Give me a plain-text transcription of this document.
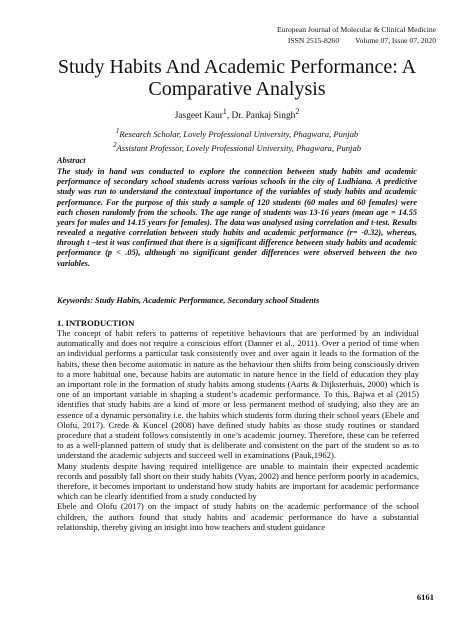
European Journal of Molecular & Clinical Medicine
ISSN 2515-8260 Volume 07, Issue 07, 2020
Study Habits And Academic Performance: A Comparative Analysis
Jasgeet Kaur$^1$, Dr. Pankaj Singh$^2$
$^1$Research Scholar, Lovely Professional University, Phagwara, Punjab
$^2$Assistant Professor, Lovely Professional University, Phagwara, Punjab
Abstract
The study in hand was conducted to explore the connection between study habits and academic performance of secondary school students across various schools in the city of Ludhiana. A predictive study was run to understand the contextual importance of the variables of study habits and academic performance. For the purpose of this study a sample of 120 students (60 males and 60 females) were each chosen randomly from the schools. The age range of students was 13-16 years (mean age = 14.55 years for males and 14.15 years for females). The data was analysed using correlation and t-test. Results revealed a negative correlation between study habits and academic performance (r= -0.32), whereas, through t –test it was confirmed that there is a significant difference between study habits and academic performance (p < .05), although no significant gender differences were observed between the two variables.
Keywords: Study Habits, Academic Performance, Secondary school Students
1. INTRODUCTION

The concept of habit refers to patterns of repetitive behaviours that are performed by an individual automatically and does not require a conscious effort (Danner et al., 2011). Over a period of time when an individual performs a particular task consistently over and over again it leads to the formation of the habits, these then become automatic in nature as the behaviour then shifts from being consciously driven to a more habitual one, because habits are automatic in nature hence in the field of education they play an important role in the formation of study habits among students (Aarts & Dijksterhuis, 2000) which is one of an important variable in shaping a student’s academic performance. To this, Bajwa et al (2015) identifies that study habits are a kind of more or less permanent method of studying, also they are an essence of a dynamic personality i.e. the habits which students form during their school years (Ebele and Olofu, 2017). Crede & Kuncel (2008) have defined study habits as those study routines or standard procedure that a student follows consistently in one’s academic journey. Therefore, these can be referred to as a well-planned pattern of study that is deliberate and consistent on the part of the student so as to understand the academic subjects and succeed well in examinations (Pauk,1962).

Many students despite having required intelligence are unable to maintain their expected academic records and possibly fall short on their study habits (Vyas, 2002) and hence perform poorly in academics, therefore, it becomes important to understand how study habits are important for academic performance which can be clearly identified from a study conducted by

Ebele and Olofu (2017) on the impact of study habits on the academic performance of the school children, the authors found that study habits and academic performance do have a substantial relationship, thereby giving an insight into how teachers and student guidance

6161
